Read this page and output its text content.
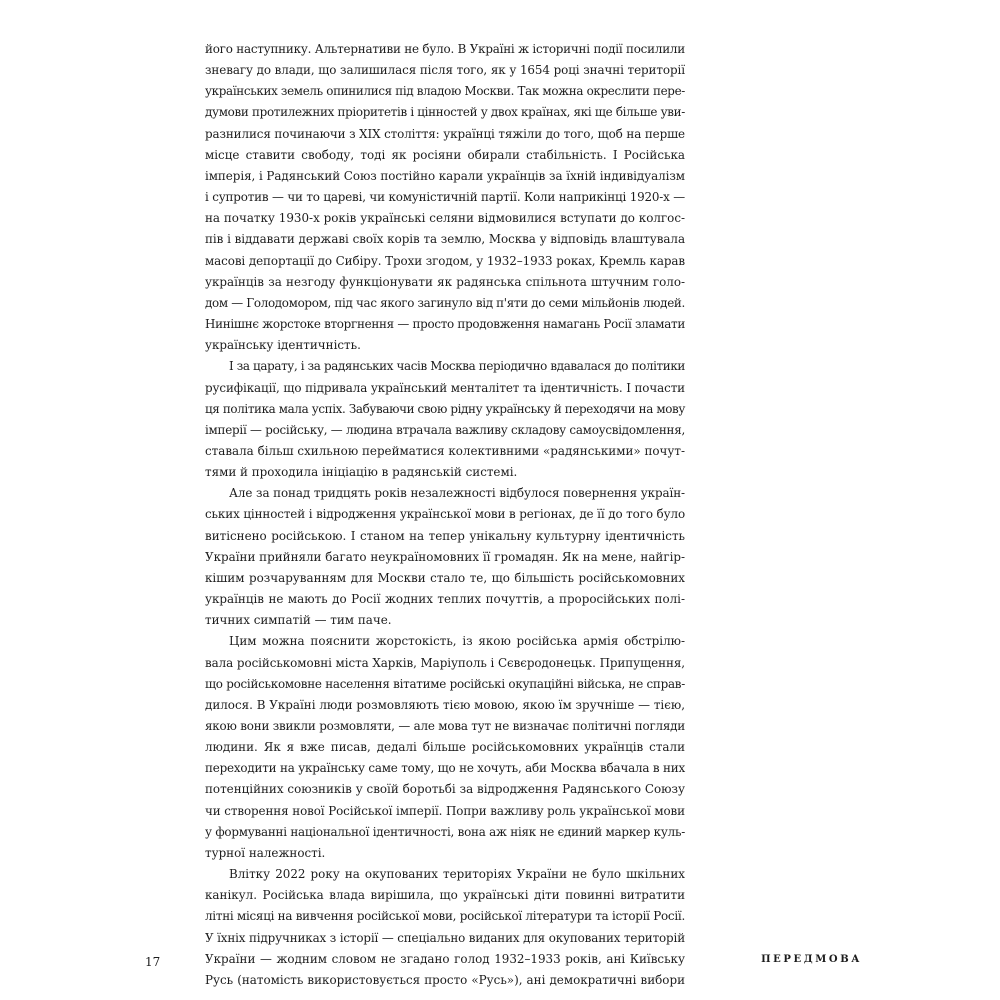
його наступнику. Альтернативи не було. В Україні ж історичні події посилили
зневагу до влади, що залишилася після того, як у 1654 році значні території
українських земель опинилися під владою Москви. Так можна окреслити пере-
думови протилежних пріоритетів і цінностей у двох країнах, які ще більше уви-
разнилися починаючи з XIX століття: українці тяжіли до того, щоб на перше
місце ставити свободу, тоді як росіяни обирали стабільність. І Російська
імперія, і Радянський Союз постійно карали українців за їхній індивідуалізм
і супротив — чи то цареві, чи комуністичній партії. Коли наприкінці 1920-х —
на початку 1930-х років українські селяни відмовилися вступати до колгос-
пів і віддавати державі своїх корів та землю, Москва у відповідь влаштувала
масові депортації до Сибіру. Трохи згодом, у 1932–1933 роках, Кремль карав
українців за незгоду функціонувати як радянська спільнота штучним голо-
дом — Голодомором, під час якого загинуло від п'яти до семи мільйонів людей.
Нинішнє жорстоке вторгнення — просто продовження намагань Росії зламати
українську ідентичність.

І за царату, і за радянських часів Москва періодично вдавалася до політики
русифікації, що підривала український менталітет та ідентичність. І почасти
ця політика мала успіх. Забуваючи свою рідну українську й переходячи на мову
імперії — російську, — людина втрачала важливу складову самоусвідомлення,
ставала більш схильною перейматися колективними «радянськими» почут-
тями й проходила ініціацію в радянській системі.

Але за понад тридцять років незалежності відбулося повернення україн-
ських цінностей і відродження української мови в регіонах, де її до того було
витіснено російською. І станом на тепер унікальну культурну ідентичність
України прийняли багато неукраїномовних її громадян. Як на мене, найгір-
кішим розчаруванням для Москви стало те, що більшість російськомовних
українців не мають до Росії жодних теплих почуттів, а проросійських полі-
тичних симпатій — тим паче.

Цим можна пояснити жорстокість, із якою російська армія обстрілю-
вала російськомовні міста Харків, Маріуполь і Сєвєродонецьк. Припущення,
що російськомовне населення вітатиме російські окупаційні війська, не справ-
дилося. В Україні люди розмовляють тією мовою, якою їм зручніше — тією,
якою вони звикли розмовляти, — але мова тут не визначає політичні погляди
людини. Як я вже писав, дедалі більше російськомовних українців стали
переходити на українську саме тому, що не хочуть, аби Москва вбачала в них
потенційних союзників у своїй боротьбі за відродження Радянського Союзу
чи створення нової Російської імперії. Попри важливу роль української мови
у формуванні національної ідентичності, вона аж ніяк не єдиний маркер куль-
турної належності.

Влітку 2022 року на окупованих територіях України не було шкільних
канікул. Російська влада вирішила, що українські діти повинні витратити
літні місяці на вивчення російської мови, російської літератури та історії Росії.
У їхніх підручниках з історії — спеціально виданих для окупованих територій
України — жодним словом не згадано голод 1932–1933 років, ані Київську
Русь (натомість використовується просто «Русь»), ані демократичні вибори

17	ПЕРЕДМОВА
